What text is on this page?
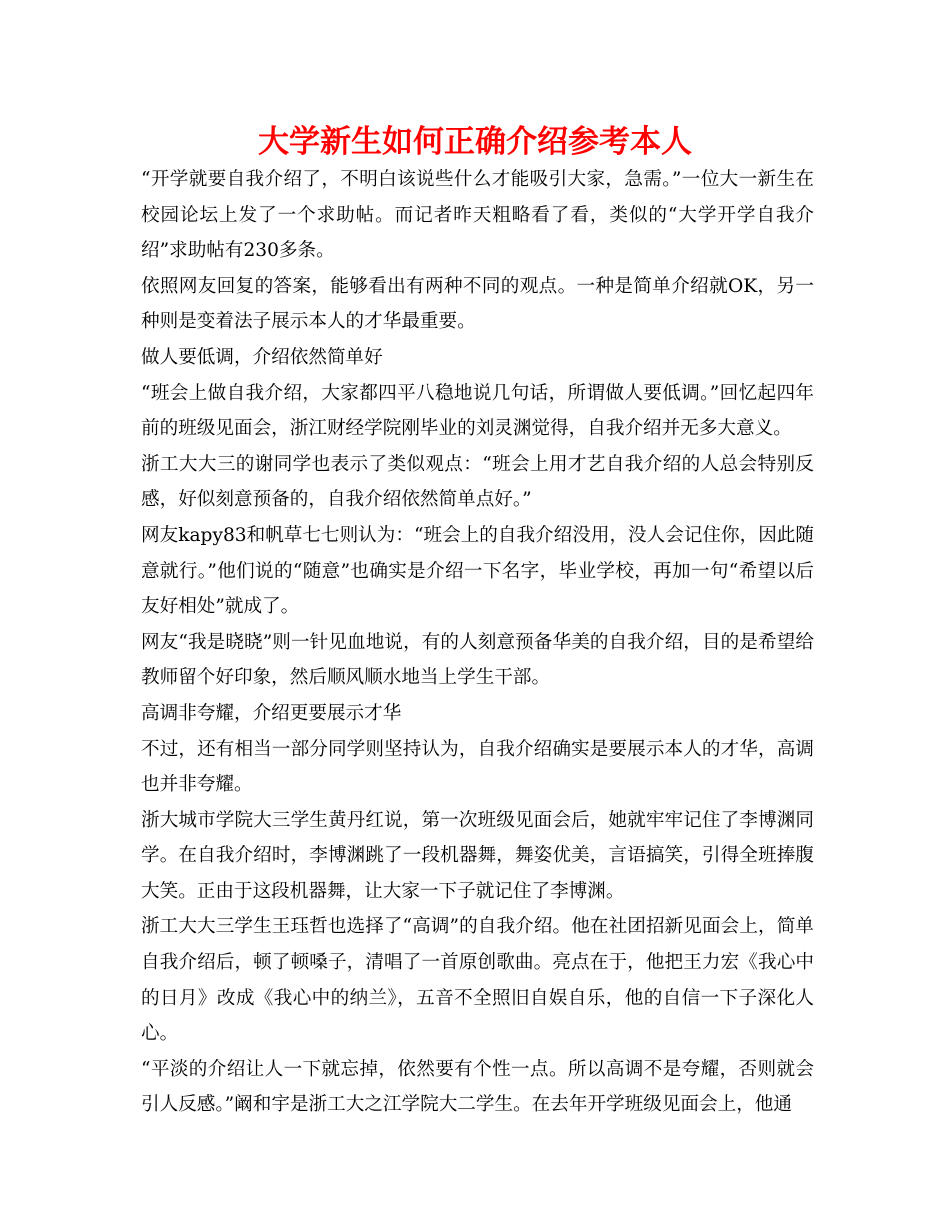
大学新生如何正确介绍参考本人

“开学就要自我介绍了，不明白该说些什么才能吸引大家，急需。”一位大一新生在校园论坛上发了一个求助帖。而记者昨天粗略看了看，类似的“大学开学自我介绍”求助帖有230多条。

依照网友回复的答案，能够看出有两种不同的观点。一种是简单介绍就OK，另一种则是变着法子展示本人的才华最重要。

做人要低调，介绍依然简单好

“班会上做自我介绍，大家都四平八稳地说几句话，所谓做人要低调。”回忆起四年前的班级见面会，浙江财经学院刚毕业的刘灵渊觉得，自我介绍并无多大意义。

浙工大大三的谢同学也表示了类似观点：“班会上用才艺自我介绍的人总会特别反感，好似刻意预备的，自我介绍依然简单点好。”

网友kapy83和帆草七七则认为：“班会上的自我介绍没用，没人会记住你，因此随意就行。”他们说的“随意”也确实是介绍一下名字，毕业学校，再加一句“希望以后友好相处”就成了。

网友“我是晓晓”则一针见血地说，有的人刻意预备华美的自我介绍，目的是希望给教师留个好印象，然后顺风顺水地当上学生干部。

高调非夸耀，介绍更要展示才华

不过，还有相当一部分同学则坚持认为，自我介绍确实是要展示本人的才华，高调也并非夸耀。

浙大城市学院大三学生黄丹红说，第一次班级见面会后，她就牢牢记住了李博渊同学。在自我介绍时，李博渊跳了一段机器舞，舞姿优美，言语搞笑，引得全班捧腹大笑。正由于这段机器舞，让大家一下子就记住了李博渊。

浙工大大三学生王珏哲也选择了“高调”的自我介绍。他在社团招新见面会上，简单自我介绍后，顿了顿嗓子，清唱了一首原创歌曲。亮点在于，他把王力宏《我心中的日月》改成《我心中的纳兰》，五音不全照旧自娱自乐，他的自信一下子深化人心。

“平淡的介绍让人一下就忘掉，依然要有个性一点。所以高调不是夸耀，否则就会引人反感。”阚和宇是浙工大之江学院大二学生。在去年开学班级见面会上，他通
